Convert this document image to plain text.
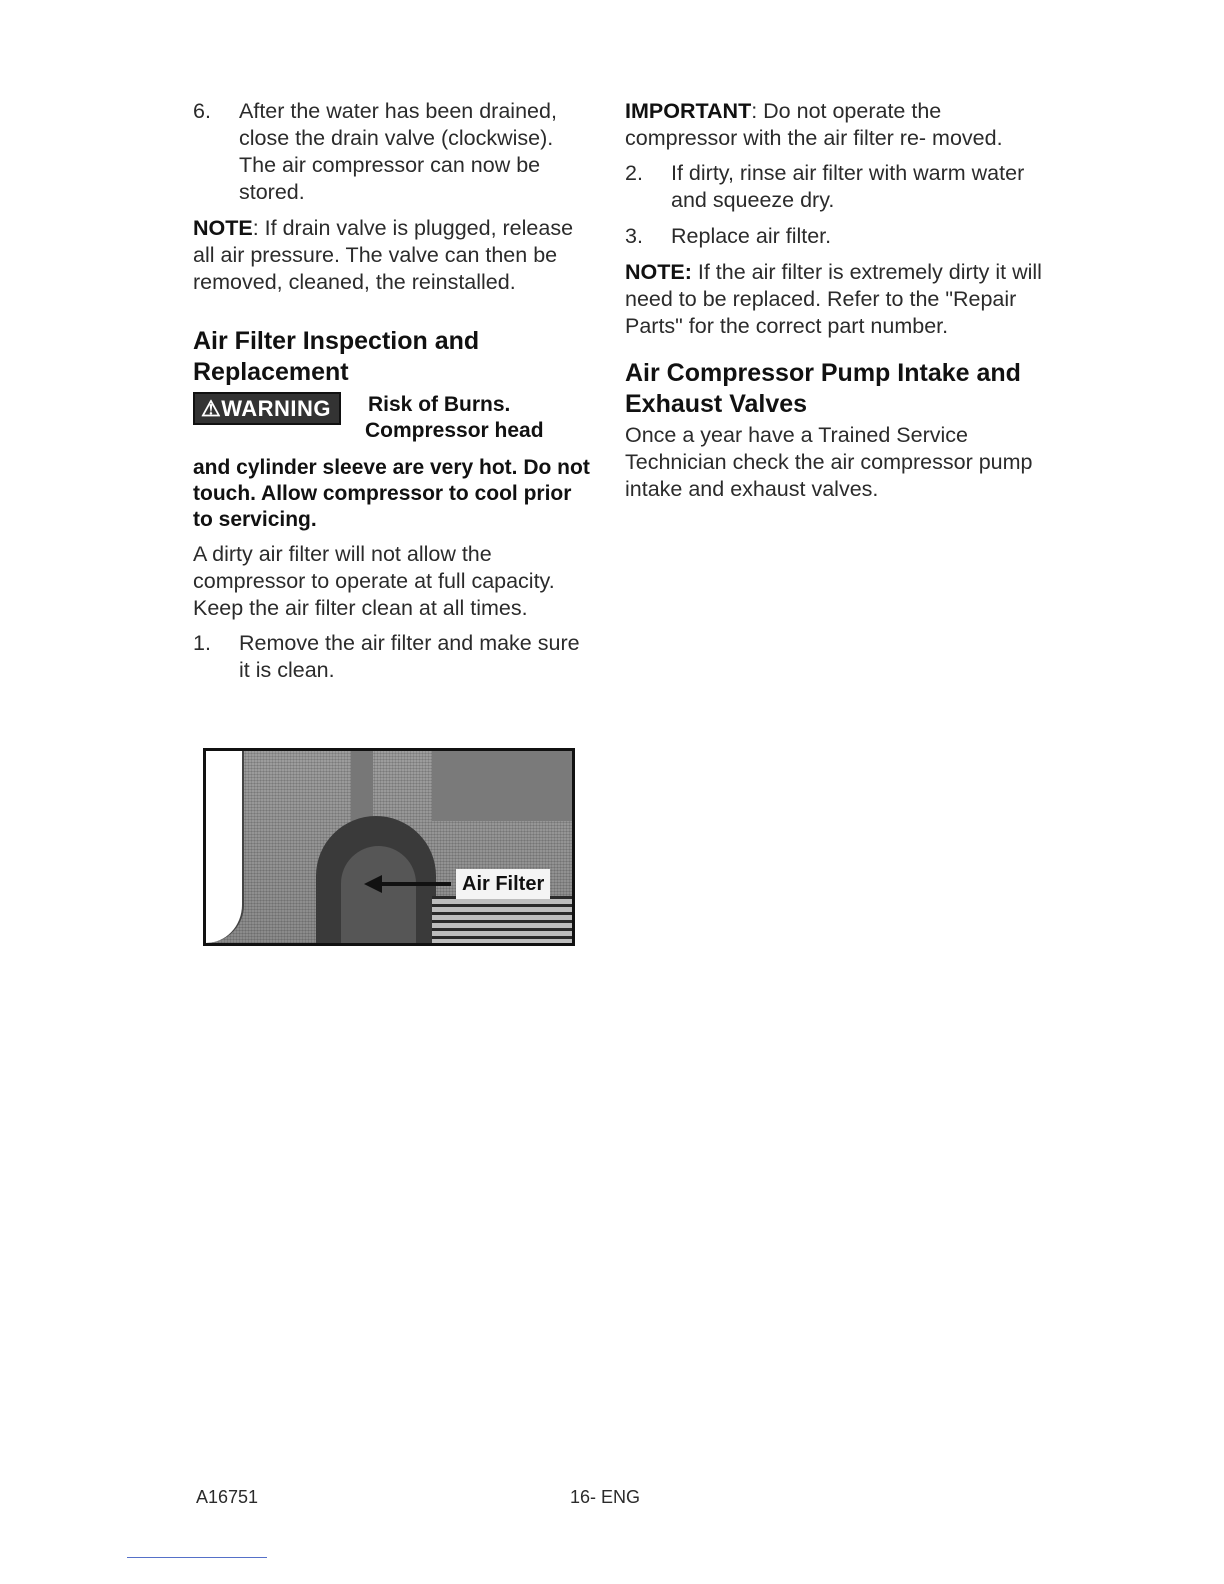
6.	After the water has been drained, close the drain valve (clockwise). The air compressor can now be stored.

NOTE: If drain valve is plugged, release all air pressure. The valve can then be removed, cleaned, the reinstalled.

Air Filter Inspection and Replacement
⚠WARNING Risk of Burns.
Compressor head
and cylinder sleeve are very hot. Do not touch. Allow compressor to cool prior to servicing.

A dirty air filter will not allow the compressor to operate at full capacity. Keep the air filter clean at all times.

1.	Remove the air filter and make sure it is clean.
Air Filter

IMPORTANT: Do not operate the compressor with the air filter re- moved.

2.	If dirty, rinse air filter with warm water and squeeze dry.
3.	Replace air filter.

NOTE: If the air filter is extremely dirty it will need to be replaced. Refer to the "Repair Parts" for the correct part number.

Air Compressor Pump Intake and Exhaust Valves

Once a year have a Trained Service Technician check the air compressor pump intake and exhaust valves.

A16751	16- ENG
